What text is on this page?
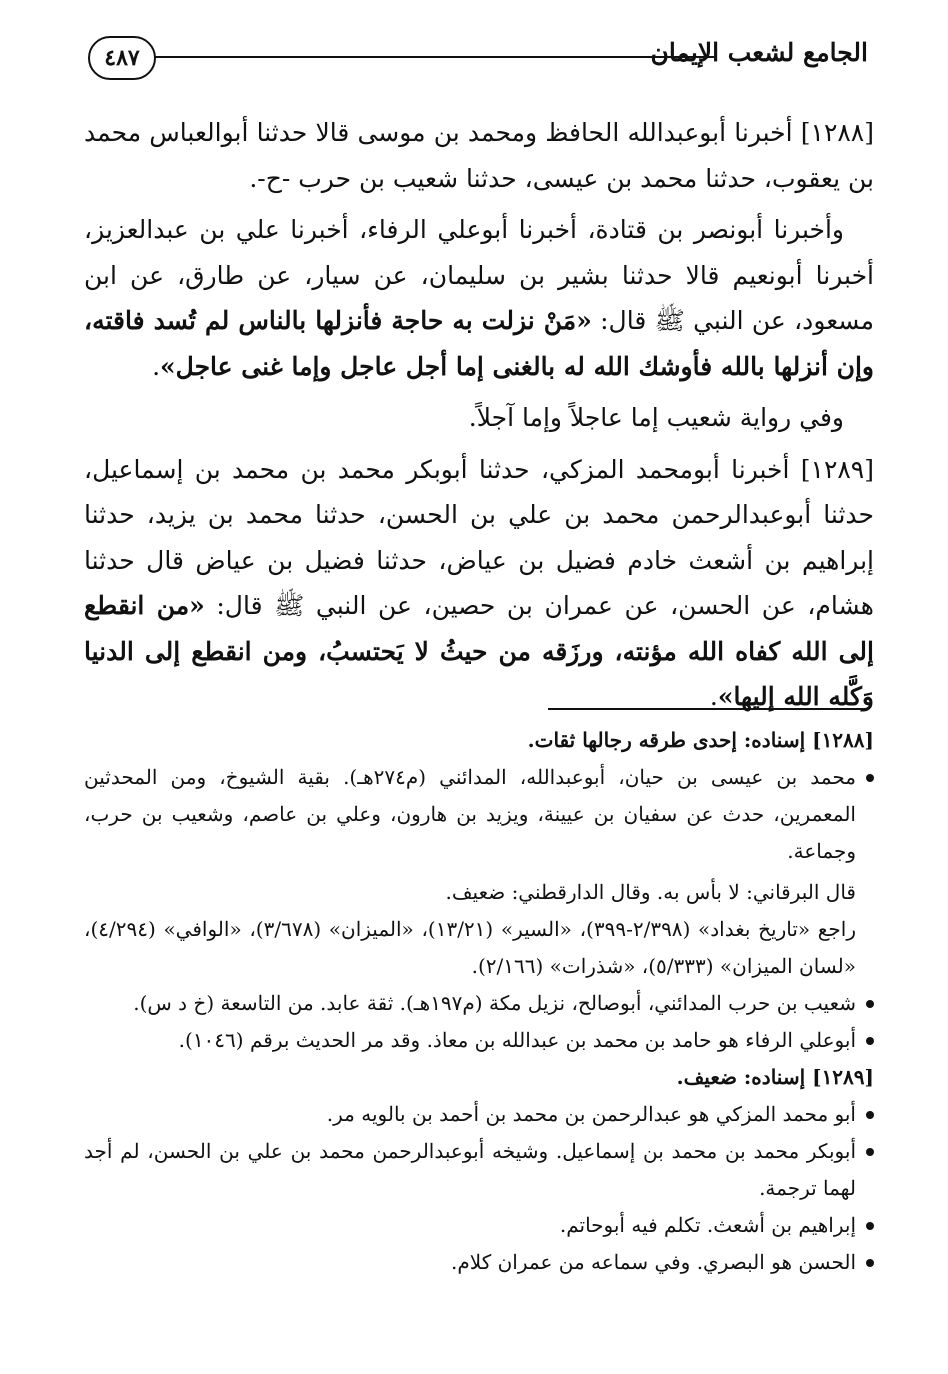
٤٨٧	الجامع لشعب الإيمان

[١٢٨٨] أخبرنا أبوعبدالله الحافظ ومحمد بن موسى قالا حدثنا أبوالعباس محمد بن يعقوب، حدثنا محمد بن عيسى، حدثنا شعيب بن حرب -ح-.

وأخبرنا أبونصر بن قتادة، أخبرنا أبوعلي الرفاء، أخبرنا علي بن عبدالعزيز، أخبرنا أبونعيم قالا حدثنا بشير بن سليمان، عن سيار، عن طارق، عن ابن مسعود، عن النبي ﷺ قال: «مَنْ نزلت به حاجة فأنزلها بالناس لم تُسد فاقته، وإن أنزلها بالله فأوشك الله له بالغنى إما أجل عاجل وإما غنى عاجل».

وفي رواية شعيب إما عاجلاً وإما آجلاً.

[١٢٨٩] أخبرنا أبومحمد المزكي، حدثنا أبوبكر محمد بن محمد بن إسماعيل، حدثنا أبوعبدالرحمن محمد بن علي بن الحسن، حدثنا محمد بن يزيد، حدثنا إبراهيم بن أشعث خادم فضيل بن عياض، حدثنا فضيل بن عياض قال حدثنا هشام، عن الحسن، عن عمران بن حصين، عن النبي ﷺ قال: «من انقطع إلى الله كفاه الله مؤنته، ورزَقه من حيثُ لا يَحتسبُ، ومن انقطع إلى الدنيا وَكَّله الله إليها».

[١٢٨٨] إسناده: إحدى طرقه رجالها ثقات.

محمد بن عيسى بن حيان، أبوعبدالله، المدائني (م٢٧٤هـ). بقية الشيوخ، ومن المحدثين المعمرين، حدث عن سفيان بن عيينة، ويزيد بن هارون، وعلي بن عاصم، وشعيب بن حرب، وجماعة.

قال البرقاني: لا بأس به. وقال الدارقطني: ضعيف.

راجع «تاريخ بغداد» (٢/٣٩٨-٣٩٩)، «السير» (١٣/٢١)، «الميزان» (٣/٦٧٨)، «الوافي» (٤/٢٩٤)، «لسان الميزان» (٥/٣٣٣)، «شذرات» (٢/١٦٦).

شعيب بن حرب المدائني، أبوصالح، نزيل مكة (م١٩٧هـ). ثقة عابد. من التاسعة (خ د س).
أبوعلي الرفاء هو حامد بن محمد بن عبدالله بن معاذ. وقد مر الحديث برقم (١٠٤٦).

[١٢٨٩] إسناده: ضعيف.

أبو محمد المزكي هو عبدالرحمن بن محمد بن أحمد بن بالويه مر.
أبوبكر محمد بن محمد بن إسماعيل. وشيخه أبوعبدالرحمن محمد بن علي بن الحسن، لم أجد لهما ترجمة.
إبراهيم بن أشعث. تكلم فيه أبوحاتم.
الحسن هو البصري. وفي سماعه من عمران كلام.
